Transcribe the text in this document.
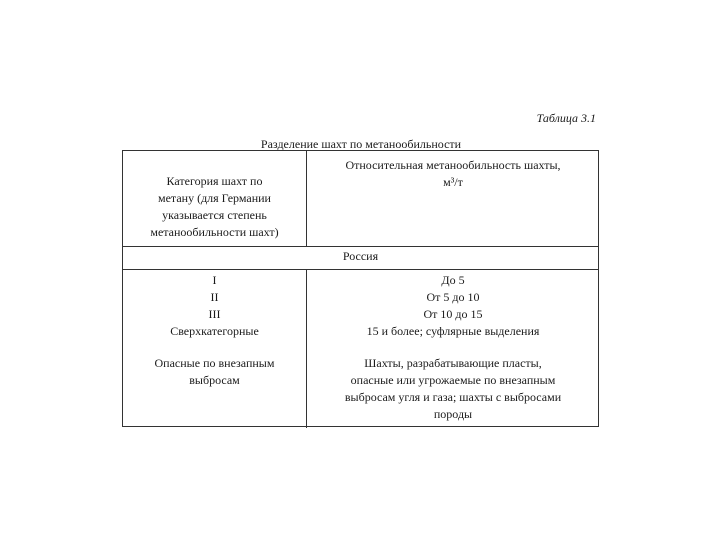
Таблица 3.1
Разделение шахт по метанообильности
Категория шахт по
метану (для Германии
указывается степень
метанообильности шахт)
Относительная метанообильность шахты,
м³/т
Россия
I
II
III
Сверхкатегорные
До 5
От 5 до 10
От 10 до 15
15 и более; суфлярные выделения
Опасные по внезапным
выбросам
Шахты, разрабатывающие пласты,
опасные или угрожаемые по внезапным
выбросам угля и газа; шахты с выбросами
породы
